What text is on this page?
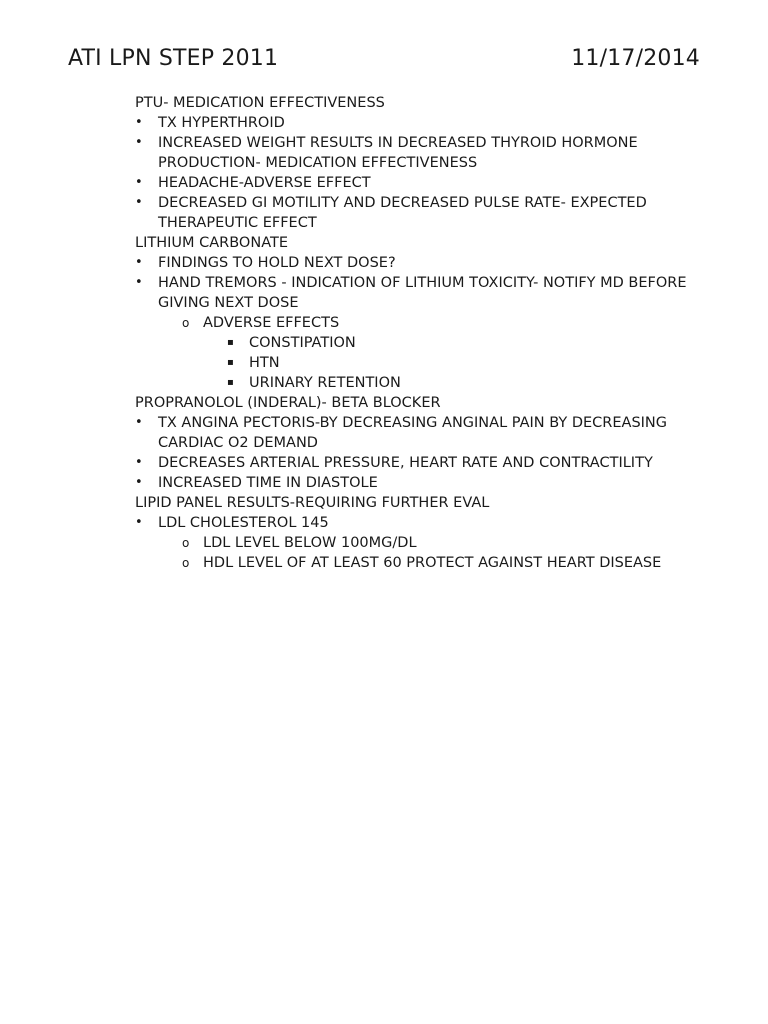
ATI LPN STEP 2011	11/17/2014
PTU- MEDICATION EFFECTIVENESS
•	TX HYPERTHROID
•	INCREASED WEIGHT RESULTS IN DECREASED THYROID HORMONE PRODUCTION- MEDICATION EFFECTIVENESS
•	HEADACHE-ADVERSE EFFECT
•	DECREASED GI MOTILITY AND DECREASED PULSE RATE- EXPECTED THERAPEUTIC EFFECT
LITHIUM CARBONATE
•	FINDINGS TO HOLD NEXT DOSE?
•	HAND TREMORS - INDICATION OF LITHIUM TOXICITY- NOTIFY MD BEFORE GIVING NEXT DOSE
o ADVERSE EFFECTS
▪	CONSTIPATION
▪	HTN
▪	URINARY RETENTION
PROPRANOLOL (INDERAL)- BETA BLOCKER
•	TX ANGINA PECTORIS-BY DECREASING ANGINAL PAIN BY DECREASING CARDIAC O2 DEMAND
•	DECREASES ARTERIAL PRESSURE, HEART RATE AND CONTRACTILITY
•	INCREASED TIME IN DIASTOLE
LIPID PANEL RESULTS-REQUIRING FURTHER EVAL
•	LDL CHOLESTEROL 145
o LDL LEVEL BELOW 100MG/DL
o HDL LEVEL OF AT LEAST 60 PROTECT AGAINST HEART DISEASE
